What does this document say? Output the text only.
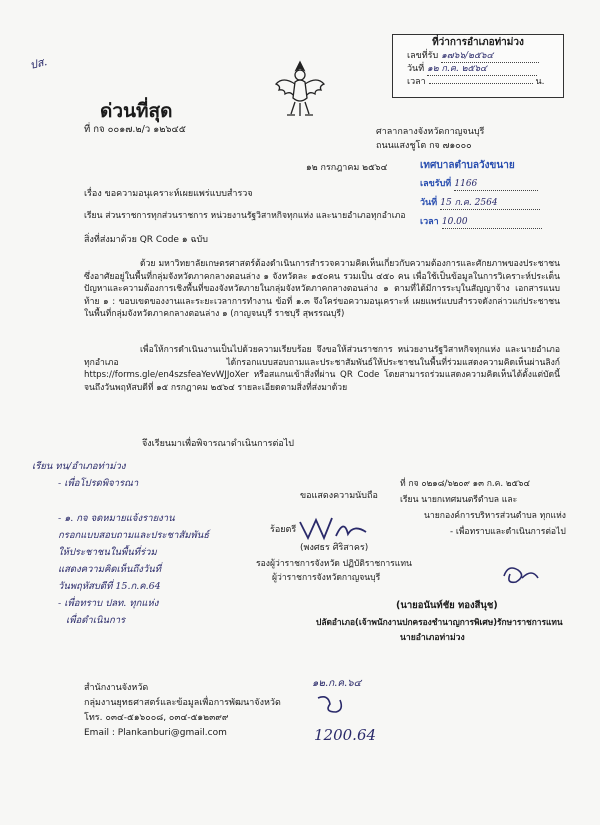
ปส.
ที่ว่าการอำเภอท่าม่วง
เลขที่รับ ๑๗๖๖/๒๕๖๔
วันที่ ๑๒ ก.ค. ๒๕๖๔
เวลา	น.
ด่วนที่สุด
ที่ กจ ๐๐๑๗.๒/ว ๑๒๖๔๕	ศาลากลางจังหวัดกาญจนบุรี
ถนนแสงชูโต กจ ๗๑๐๐๐
๑๒ กรกฎาคม ๒๕๖๔	เทศบาลตำบลวังขนาย
เลขรับที่ 1166
วันที่ 15 ก.ค. 2564
เวลา 10.00
เรื่อง ขอความอนุเคราะห์เผยแพร่แบบสำรวจ
เรียน ส่วนราชการทุกส่วนราชการ หน่วยงานรัฐวิสาหกิจทุกแห่ง และนายอำเภอทุกอำเภอ
สิ่งที่ส่งมาด้วย QR Code ๑ ฉบับ
ด้วย มหาวิทยาลัยเกษตรศาสตร์ต้องดำเนินการสำรวจความคิดเห็นเกี่ยวกับความต้องการและศักยภาพของประชาชน ซึ่งอาศัยอยู่ในพื้นที่กลุ่มจังหวัดภาคกลางตอนล่าง ๑ จังหวัดละ ๑๕๐คน รวมเป็น ๔๕๐ คน เพื่อใช้เป็นข้อมูลในการวิเคราะห์ประเด็นปัญหาและความต้องการเชิงพื้นที่ของจังหวัดภายในกลุ่มจังหวัดภาคกลางตอนล่าง ๑ ตามที่ได้มีการระบุในสัญญาจ้าง เอกสารแนบท้าย ๑ : ขอบเขตของงานและระยะเวลาการทำงาน ข้อที่ ๑.๓ จึงใคร่ขอความอนุเคราะห์ เผยแพร่แบบสำรวจดังกล่าวแก่ประชาชนในพื้นที่กลุ่มจังหวัดภาคกลางตอนล่าง ๑ (กาญจนบุรี ราชบุรี สุพรรณบุรี)
เพื่อให้การดำเนินงานเป็นไปด้วยความเรียบร้อย จึงขอให้ส่วนราชการ หน่วยงานรัฐวิสาหกิจทุกแห่ง และนายอำเภอทุกอำเภอ ได้กรอกแบบสอบถามและประชาสัมพันธ์ให้ประชาชนในพื้นที่ร่วมแสดงความคิดเห็นผ่านลิงก์ https://forms.gle/en4szsfeaYevWJJoXer หรือสแกนเข้าสิ่งที่ผ่าน QR Code โดยสามารถร่วมแสดงความคิดเห็นได้ตั้งแต่บัดนี้จนถึงวันพฤหัสบดีที่ ๑๕ กรกฎาคม ๒๕๖๔ รายละเอียดตามสิ่งที่ส่งมาด้วย
จึงเรียนมาเพื่อพิจารณาดำเนินการต่อไป
เรียน ทน/อำเภอท่าม่วง
- เพื่อโปรดพิจารณา
- ๑. กจ จดหมายแจ้งรายงาน
กรอกแบบสอบถามและประชาสัมพันธ์
ให้ประชาชนในพื้นที่ร่วม
แสดงความคิดเห็นถึงวันที่
วันพฤหัสบดีที่ 15.ก.ค.64
- เพื่อทราบ ปลท. ทุกแห่ง
เพื่อดำเนินการ
ขอแสดงความนับถือ
ร้อยตรี
(พงศธร ศิริสาคร)
รองผู้ว่าราชการจังหวัด ปฏิบัติราชการแทน
ผู้ว่าราชการจังหวัดกาญจนบุรี
ที่ กจ ๐๒๑๘/๖๒๐๙ ๑๓ ก.ค. ๒๕๖๔
เรียน นายกเทศมนตรีตำบล และ
นายกองค์การบริหารส่วนตำบล ทุกแห่ง
- เพื่อทราบและดำเนินการต่อไป
(นายอนันท์ชัย ทองสีนุช)
ปลัดอำเภอ(เจ้าพนักงานปกครองชำนาญการพิเศษ)รักษาราชการแทน
นายอำเภอท่าม่วง
สำนักงานจังหวัด
กลุ่มงานยุทธศาสตร์และข้อมูลเพื่อการพัฒนาจังหวัด
โทร. ๐๓๔-๕๑๖๐๐๘, ๐๓๔-๕๑๒๓๙๙
Email : Plankanburi@gmail.com
๑๒.ก.ค.๖๔
1200.64
